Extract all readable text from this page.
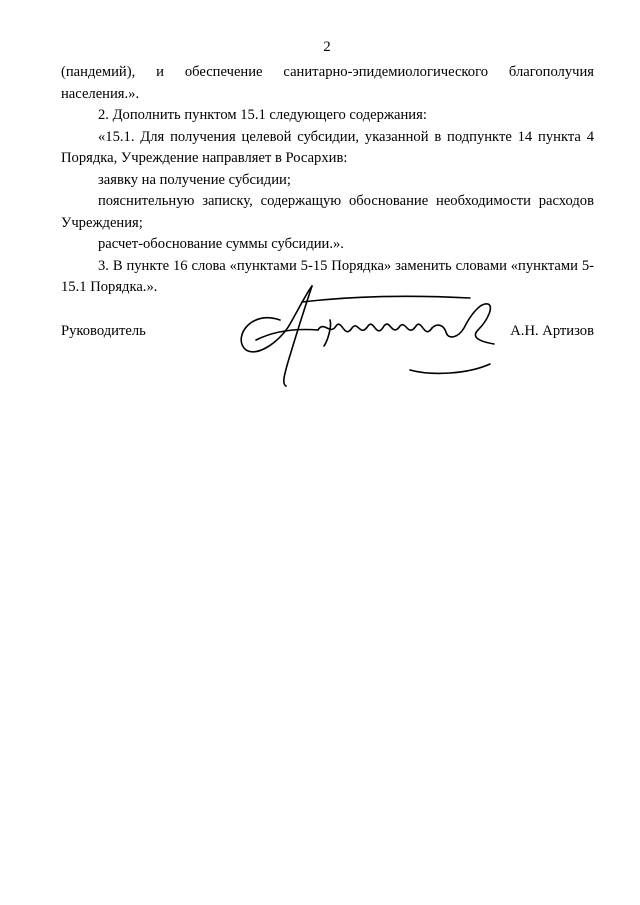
2

(пандемий), и обеспечение санитарно-эпидемиологического благополучия населения.».

2. Дополнить пунктом 15.1 следующего содержания:

«15.1. Для получения целевой субсидии, указанной в подпункте 14 пункта 4 Порядка, Учреждение направляет в Росархив:

заявку на получение субсидии;

пояснительную записку, содержащую обоснование необходимости расходов Учреждения;

расчет-обоснование суммы субсидии.».

3. В пункте 16 слова «пунктами 5-15 Порядка» заменить словами «пунктами 5-15.1 Порядка.».

Руководитель	А.Н. Артизов
